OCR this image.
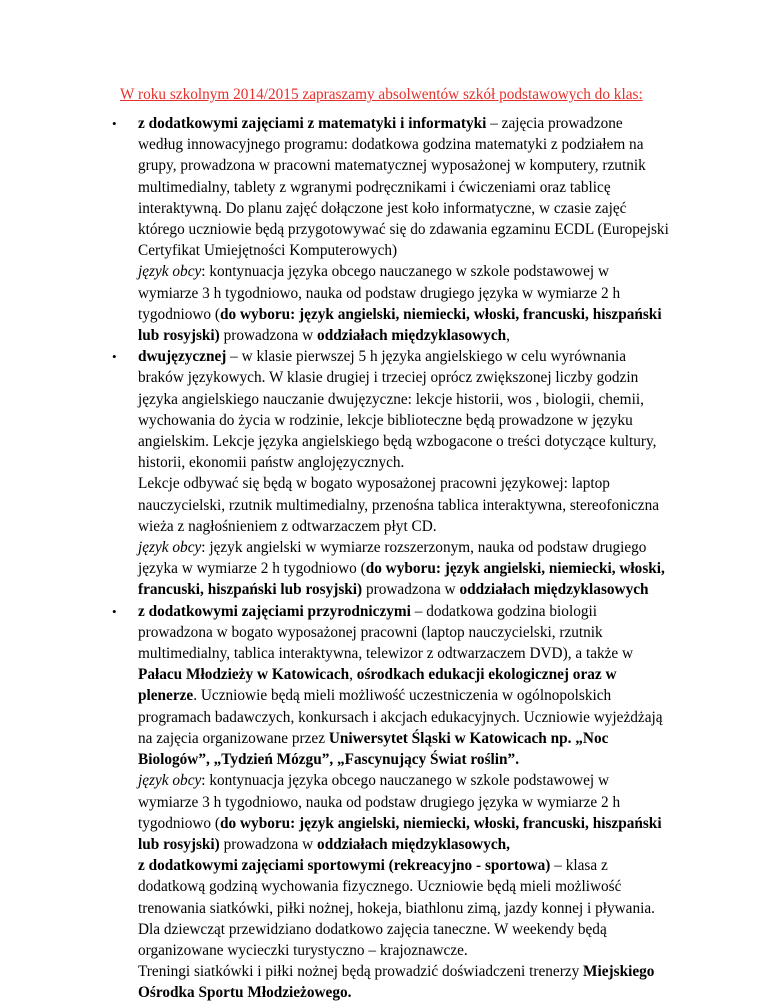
W roku szkolnym 2014/2015 zapraszamy absolwentów szkół podstawowych do klas:
• z dodatkowymi zajęciami z matematyki i informatyki – zajęcia prowadzone
według innowacyjnego programu: dodatkowa godzina matematyki z podziałem na
grupy, prowadzona w pracowni matematycznej wyposażonej w komputery, rzutnik
multimedialny, tablety z wgranymi podręcznikami i ćwiczeniami oraz tablicę
interaktywną. Do planu zajęć dołączone jest koło informatyczne, w czasie zajęć
którego uczniowie będą przygotowywać się do zdawania egzaminu ECDL (Europejski
Certyfikat Umiejętności Komputerowych)
język obcy: kontynuacja języka obcego nauczanego w szkole podstawowej w
wymiarze 3 h tygodniowo, nauka od podstaw drugiego języka w wymiarze 2 h
tygodniowo (do wyboru: język angielski, niemiecki, włoski, francuski, hiszpański
lub rosyjski) prowadzona w oddziałach międzyklasowych,
• dwujęzycznej – w klasie pierwszej 5 h języka angielskiego w celu wyrównania
braków językowych. W klasie drugiej i trzeciej oprócz zwiększonej liczby godzin
języka angielskiego nauczanie dwujęzyczne: lekcje historii, wos , biologii, chemii,
wychowania do życia w rodzinie, lekcje biblioteczne będą prowadzone w języku
angielskim. Lekcje języka angielskiego będą wzbogacone o treści dotyczące kultury,
historii, ekonomii państw anglojęzycznych.
Lekcje odbywać się będą w bogato wyposażonej pracowni językowej: laptop
nauczycielski, rzutnik multimedialny, przenośna tablica interaktywna, stereofoniczna
wieża z nagłośnieniem z odtwarzaczem płyt CD.
język obcy: język angielski w wymiarze rozszerzonym, nauka od podstaw drugiego
języka w wymiarze 2 h tygodniowo (do wyboru: język angielski, niemiecki, włoski,
francuski, hiszpański lub rosyjski) prowadzona w oddziałach międzyklasowych
• z dodatkowymi zajęciami przyrodniczymi – dodatkowa godzina biologii
prowadzona w bogato wyposażonej pracowni (laptop nauczycielski, rzutnik
multimedialny, tablica interaktywna, telewizor z odtwarzaczem DVD), a także w
Pałacu Młodzieży w Katowicach, ośrodkach edukacji ekologicznej oraz w
plenerze. Uczniowie będą mieli możliwość uczestniczenia w ogólnopolskich
programach badawczych, konkursach i akcjach edukacyjnych. Uczniowie wyjeżdżają
na zajęcia organizowane przez Uniwersytet Śląski w Katowicach np. „Noc
Biologów”, „Tydzień Mózgu”, „Fascynujący Świat roślin”.
język obcy: kontynuacja języka obcego nauczanego w szkole podstawowej w
wymiarze 3 h tygodniowo, nauka od podstaw drugiego języka w wymiarze 2 h
tygodniowo (do wyboru: język angielski, niemiecki, włoski, francuski, hiszpański
lub rosyjski) prowadzona w oddziałach międzyklasowych,
z dodatkowymi zajęciami sportowymi (rekreacyjno - sportowa) – klasa z
dodatkową godziną wychowania fizycznego. Uczniowie będą mieli możliwość
trenowania siatkówki, piłki nożnej, hokeja, biathlonu zimą, jazdy konnej i pływania.
Dla dziewcząt przewidziano dodatkowo zajęcia taneczne. W weekendy będą
organizowane wycieczki turystyczno – krajoznawcze.
Treningi siatkówki i piłki nożnej będą prowadzić doświadczeni trenerzy Miejskiego
Ośrodka Sportu Młodzieżowego.
